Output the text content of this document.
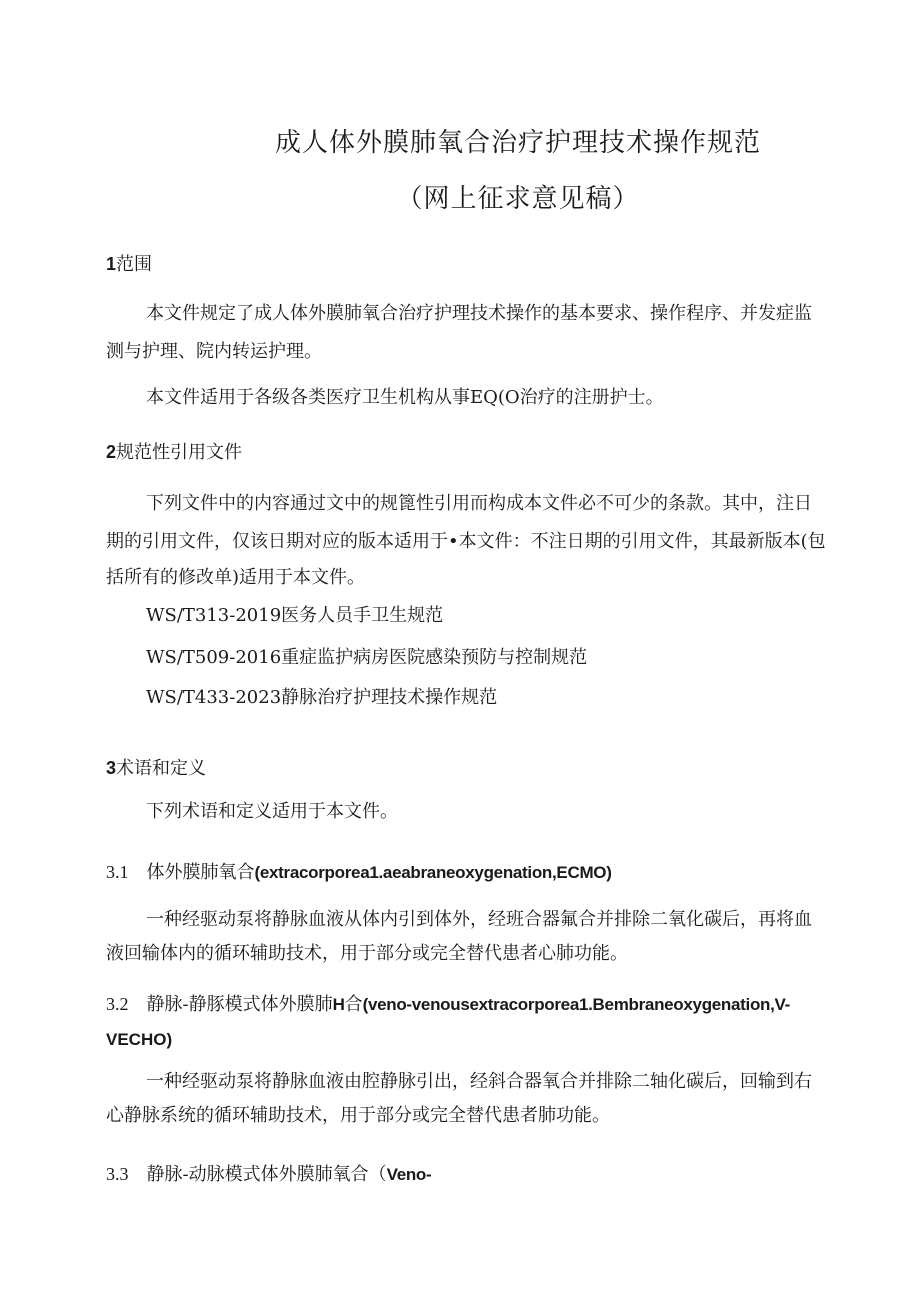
成人体外膜肺氧合治疗护理技术操作规范
（网上征求意见稿）
1范围
本文件规定了成人体外膜肺氧合治疗护理技术操作的基本要求、操作程序、并发症监
测与护理、院内转运护理。
本文件适用于各级各类医疗卫生机构从事EQ(O治疗的注册护士。
2规范性引用文件
下列文件中的内容通过文中的规篦性引用而构成本文件必不可少的条款。其中，注日
期的引用文件，仅该日期对应的版本适用于•本文件：不注日期的引用文件，其最新版本(包
括所有的修改单)适用于本文件。
WS/T313-2019医务人员手卫生规范
WS/T509-2016重症监护病房医院感染预防与控制规范
WS/T433-2023静脉治疗护理技术操作规范
3术语和定义
下列术语和定义适用于本文件。
3.1 体外膜肺氧合(extracorporea1.aeabraneoxygenation,ECMO)
一种经驱动泵将静脉血液从体内引到体外，经班合器氟合并排除二氧化碳后，再将血
液回输体内的循环辅助技术，用于部分或完全替代患者心肺功能。
3.2 静脉-静豚模式体外膜肺H合(veno-venousextracorporea1.Bembraneoxygenation,V-
VECHO)
一种经驱动泵将静脉血液由腔静脉引出，经斜合器氧合并排除二轴化碳后，回输到右
心静脉系统的循环辅助技术，用于部分或完全替代患者肺功能。
3.3 静脉-动脉模式体外膜肺氧合（Veno-
